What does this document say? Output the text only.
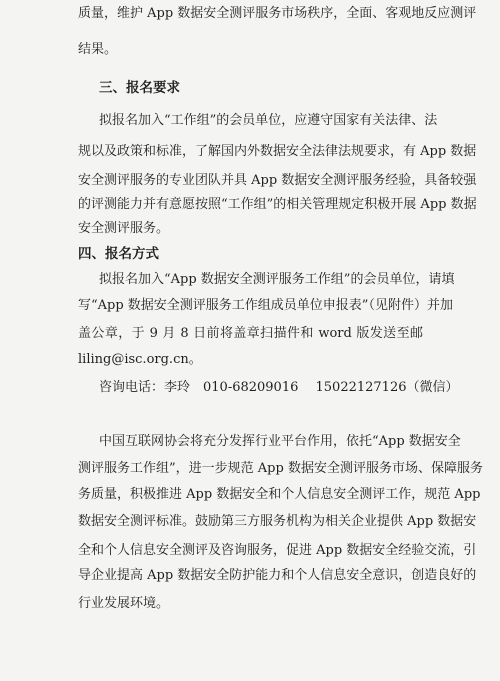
质量，维护 App 数据安全测评服务市场秩序，全面、客观地反应测评
结果。
三、报名要求
拟报名加入“工作组”的会员单位，应遵守国家有关法律、法
规以及政策和标准，了解国内外数据安全法律法规要求，有 App 数据
安全测评服务的专业团队并具 App 数据安全测评服务经验，具备较强
的评测能力并有意愿按照“工作组”的相关管理规定积极开展 App 数据
安全测评服务。
四、报名方式
拟报名加入“App 数据安全测评服务工作组”的会员单位，请填
写“App 数据安全测评服务工作组成员单位申报表”（见附件）并加
盖公章，于 9 月 8 日前将盖章扫描件和 word 版发送至邮
liling@isc.org.cn。
咨询电话：李玲　010-68209016　 15022127126（微信）
中国互联网协会将充分发挥行业平台作用，依托“App 数据安全
测评服务工作组”，进一步规范 App 数据安全测评服务市场、保障服务
务质量，积极推进 App 数据安全和个人信息安全测评工作，规范 App
数据安全测评标准。鼓励第三方服务机构为相关企业提供 App 数据安
全和个人信息安全测评及咨询服务，促进 App 数据安全经验交流，引
导企业提高 App 数据安全防护能力和个人信息安全意识，创造良好的
行业发展环境。
